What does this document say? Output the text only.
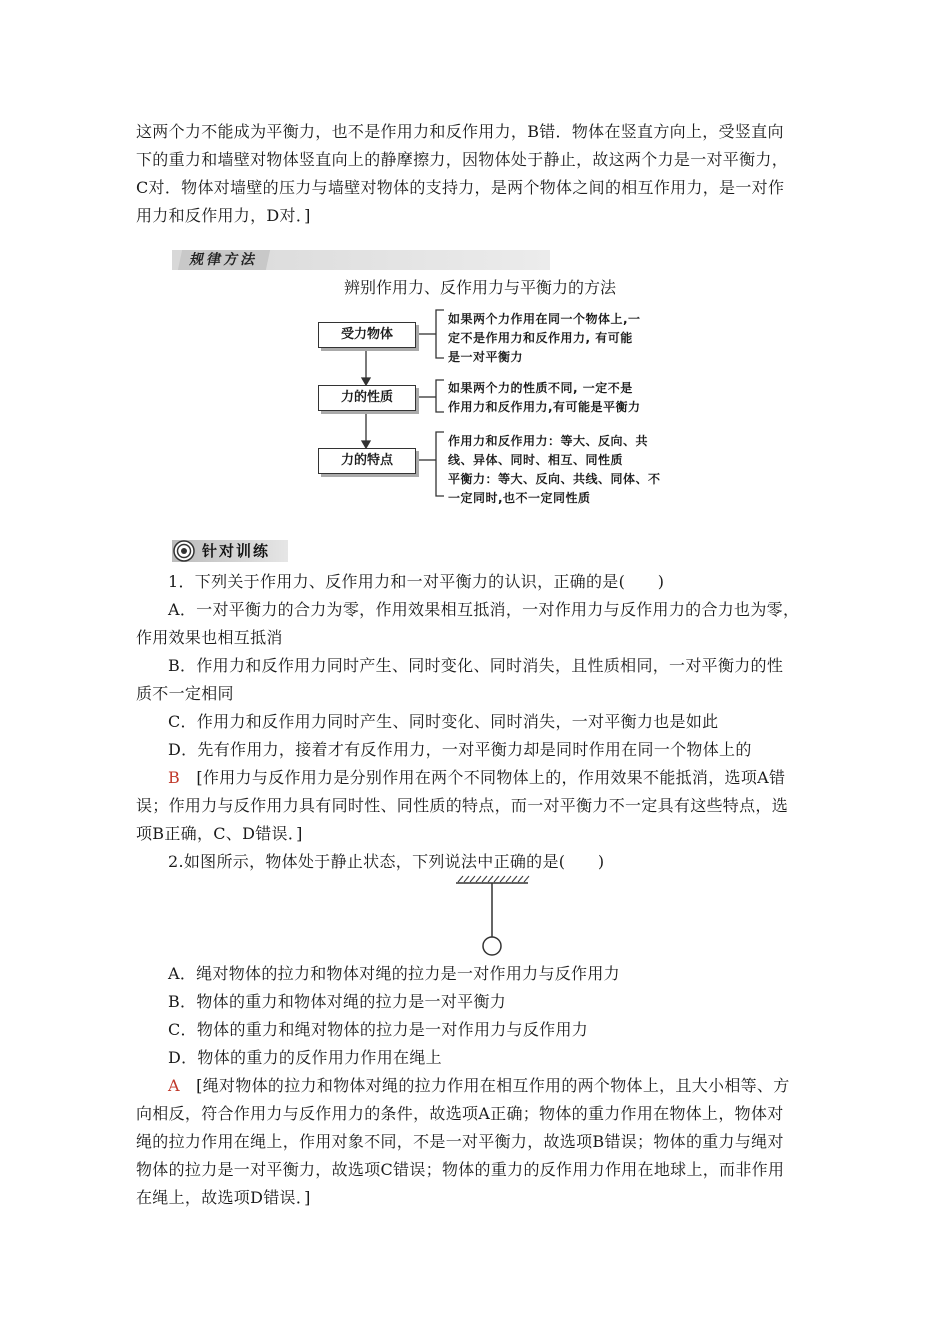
这两个力不能成为平衡力，也不是作用力和反作用力，B错．物体在竖直方向上，受竖直向

下的重力和墙壁对物体竖直向上的静摩擦力，因物体处于静止，故这两个力是一对平衡力，

C对．物体对墙壁的压力与墙壁对物体的支持力，是两个物体之间的相互作用力，是一对作

用力和反作用力，D对．]

规律方法
辨别作用力、反作用力与平衡力的方法
受力物体
力的性质
力的特点
如果两个力作用在同一个物体上,一
定不是作用力和反作用力, 有可能
是一对平衡力
如果两个力的性质不同, 一定不是
作用力和反作用力,有可能是平衡力
作用力和反作用力：等大、反向、共
线、异体、同时、相互、同性质
平衡力：等大、反向、共线、同体、不
一定同时,也不一定同性质
针对训练

1．下列关于作用力、反作用力和一对平衡力的认识，正确的是(　　)

A．一对平衡力的合力为零，作用效果相互抵消，一对作用力与反作用力的合力也为零，

作用效果也相互抵消

B．作用力和反作用力同时产生、同时变化、同时消失，且性质相同，一对平衡力的性

质不一定相同

C．作用力和反作用力同时产生、同时变化、同时消失，一对平衡力也是如此

D．先有作用力，接着才有反作用力，一对平衡力却是同时作用在同一个物体上的

B　 [作用力与反作用力是分别作用在两个不同物体上的，作用效果不能抵消，选项A错

误；作用力与反作用力具有同时性、同性质的特点，而一对平衡力不一定具有这些特点，选

项B正确，C、D错误．]

2.如图所示，物体处于静止状态，下列说法中正确的是(　　)

A．绳对物体的拉力和物体对绳的拉力是一对作用力与反作用力

B．物体的重力和物体对绳的拉力是一对平衡力

C．物体的重力和绳对物体的拉力是一对作用力与反作用力

D．物体的重力的反作用力作用在绳上

A　 [绳对物体的拉力和物体对绳的拉力作用在相互作用的两个物体上，且大小相等、方

向相反，符合作用力与反作用力的条件，故选项A正确；物体的重力作用在物体上，物体对

绳的拉力作用在绳上，作用对象不同，不是一对平衡力，故选项B错误；物体的重力与绳对

物体的拉力是一对平衡力，故选项C错误；物体的重力的反作用力作用在地球上，而非作用

在绳上，故选项D错误．]
